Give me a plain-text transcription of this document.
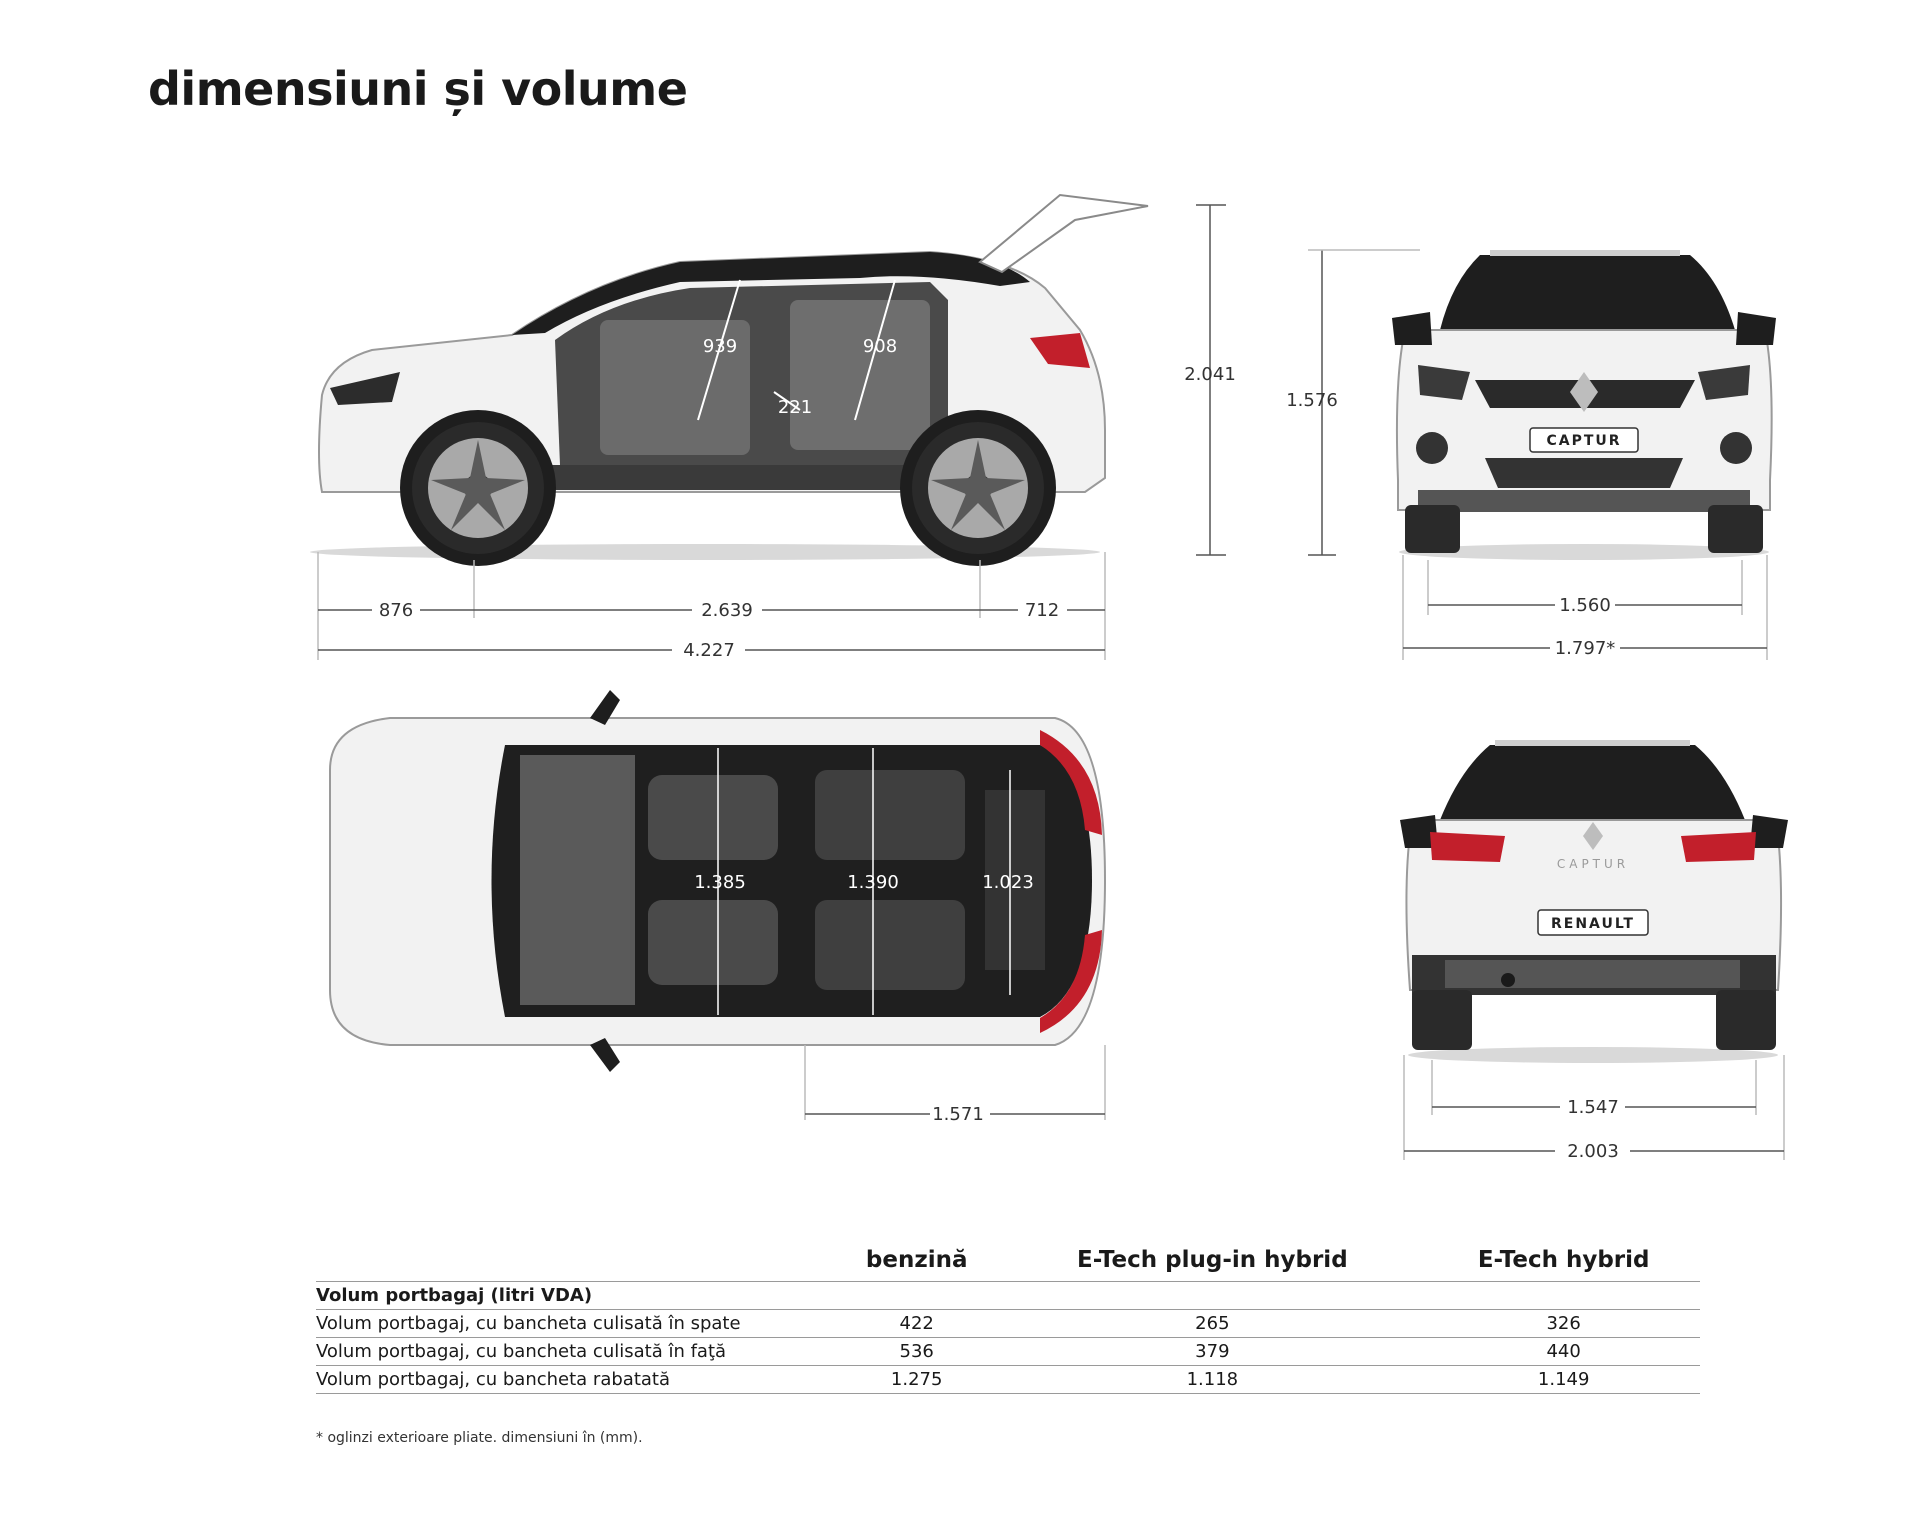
dimensiuni și volume
939	908
221
2.041
876	2.639	712
4.227
CAPTUR
1.576
1.560
1.797*
1.385	1.390	1.023
1.571
RENAULT
CAPTUR
1.547
2.003
	benzină	E-Tech plug-in hybrid	E-Tech hybrid
Volum portbagaj (litri VDA)			
Volum portbagaj, cu bancheta culisată în spate	422	265	326
Volum portbagaj, cu bancheta culisată în faţă	536	379	440
Volum portbagaj, cu bancheta rabatată	1.275	1.118	1.149
* oglinzi exterioare pliate. dimensiuni în (mm).
